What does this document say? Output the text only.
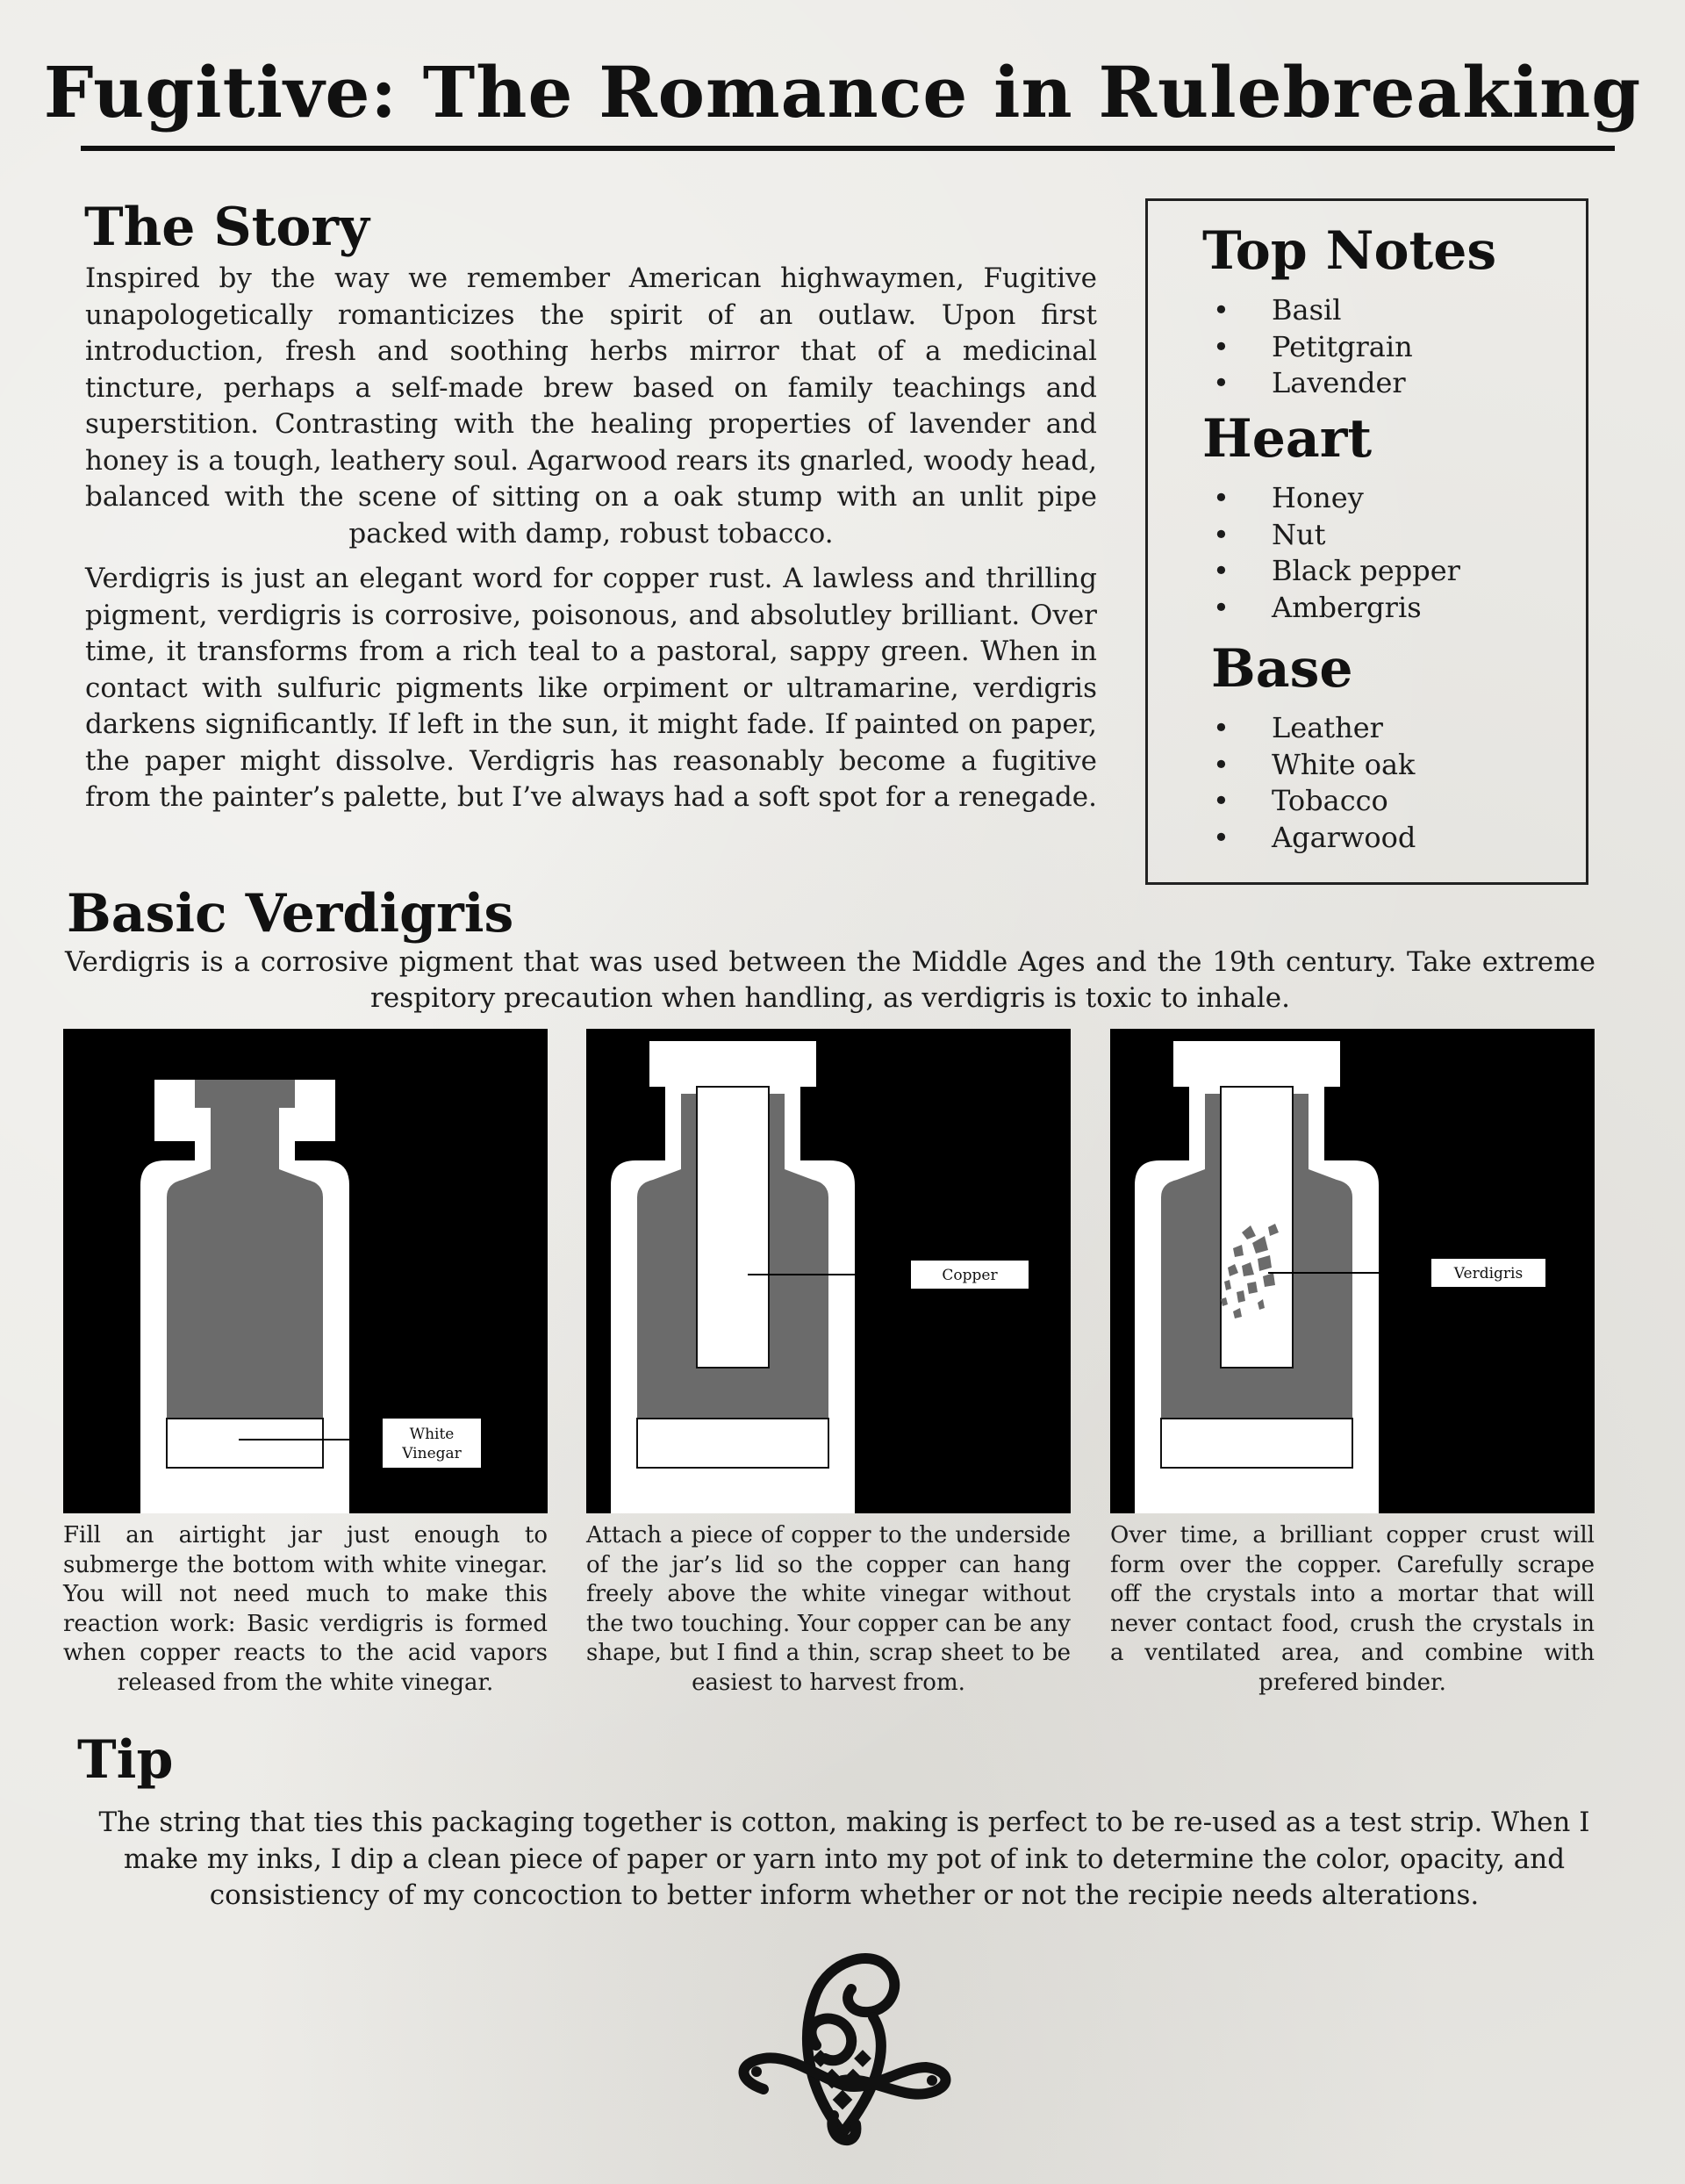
Fugitive: The Romance in Rulebreaking
The Story
Inspired by the way we remember American highwaymen, Fugitive unapologetically romanticizes the spirit of an outlaw. Upon first introduction, fresh and soothing herbs mirror that of a medicinal tincture, perhaps a self-made brew based on family teachings and superstition. Contrasting with the healing properties of lavender and honey is a tough, leathery soul. Agarwood rears its gnarled, woody head, balanced with the scene of sitting on a oak stump with an unlit pipe packed with damp, robust tobacco.
Verdigris is just an elegant word for copper rust. A lawless and thrilling pigment, verdigris is corrosive, poisonous, and absolutley brilliant. Over time, it transforms from a rich teal to a pastoral, sappy green. When in contact with sulfuric pigments like orpiment or ultramarine, verdigris darkens significantly. If left in the sun, it might fade. If painted on paper, the paper might dissolve. Verdigris has reasonably become a fugitive from the painter’s palette, but I’ve always had a soft spot for a renegade.
Top Notes
• Basil
• Petitgrain
• Lavender
Heart
• Honey
• Nut
• Black pepper
• Ambergris
Base
• Leather
• White oak
• Tobacco
• Agarwood
Basic Verdigris
Verdigris is a corrosive pigment that was used between the Middle Ages and the 19th century. Take extreme respitory precaution when handling, as verdigris is toxic to inhale.
White
Vinegar
Copper	Verdigris
Fill an airtight jar just enough to submerge the bottom with white vinegar. You will not need much to make this reaction work: Basic verdigris is formed when copper reacts to the acid vapors released from the white vinegar.
Attach a piece of copper to the underside of the jar’s lid so the copper can hang freely above the white vinegar without the two touching. Your copper can be any shape, but I find a thin, scrap sheet to be easiest to harvest from.
Over time, a brilliant copper crust will form over the copper. Carefully scrape off the crystals into a mortar that will never contact food, crush the crystals in a ventilated area, and combine with prefered binder.
Tip
The string that ties this packaging together is cotton, making is perfect to be re-used as a test strip. When I make my inks, I dip a clean piece of paper or yarn into my pot of ink to determine the color, opacity, and consistiency of my concoction to better inform whether or not the recipie needs alterations.
